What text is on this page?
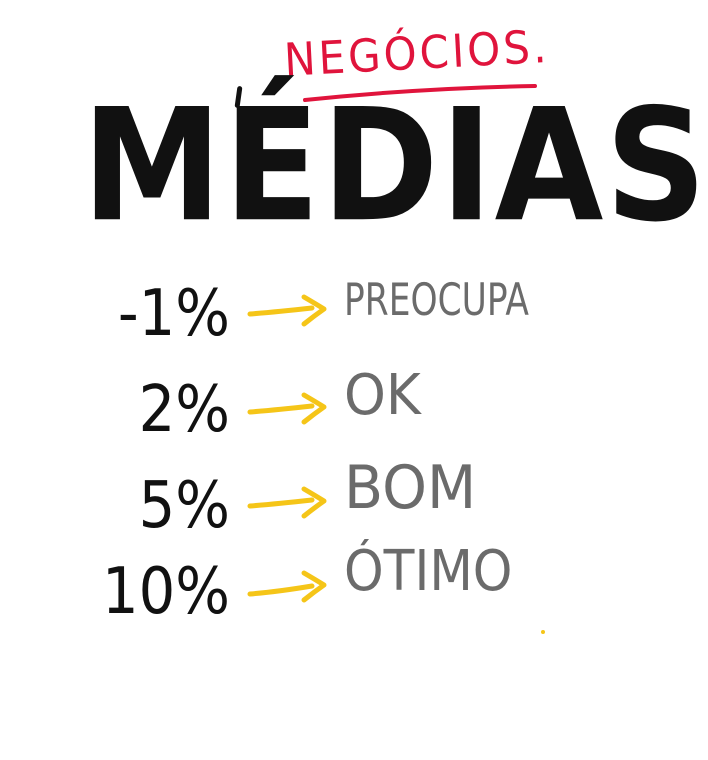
NEGÓCIOS.
MÉDIAS
-1%	PREOCUPA
2% OK
5% BOM
10% ÓTIMO
